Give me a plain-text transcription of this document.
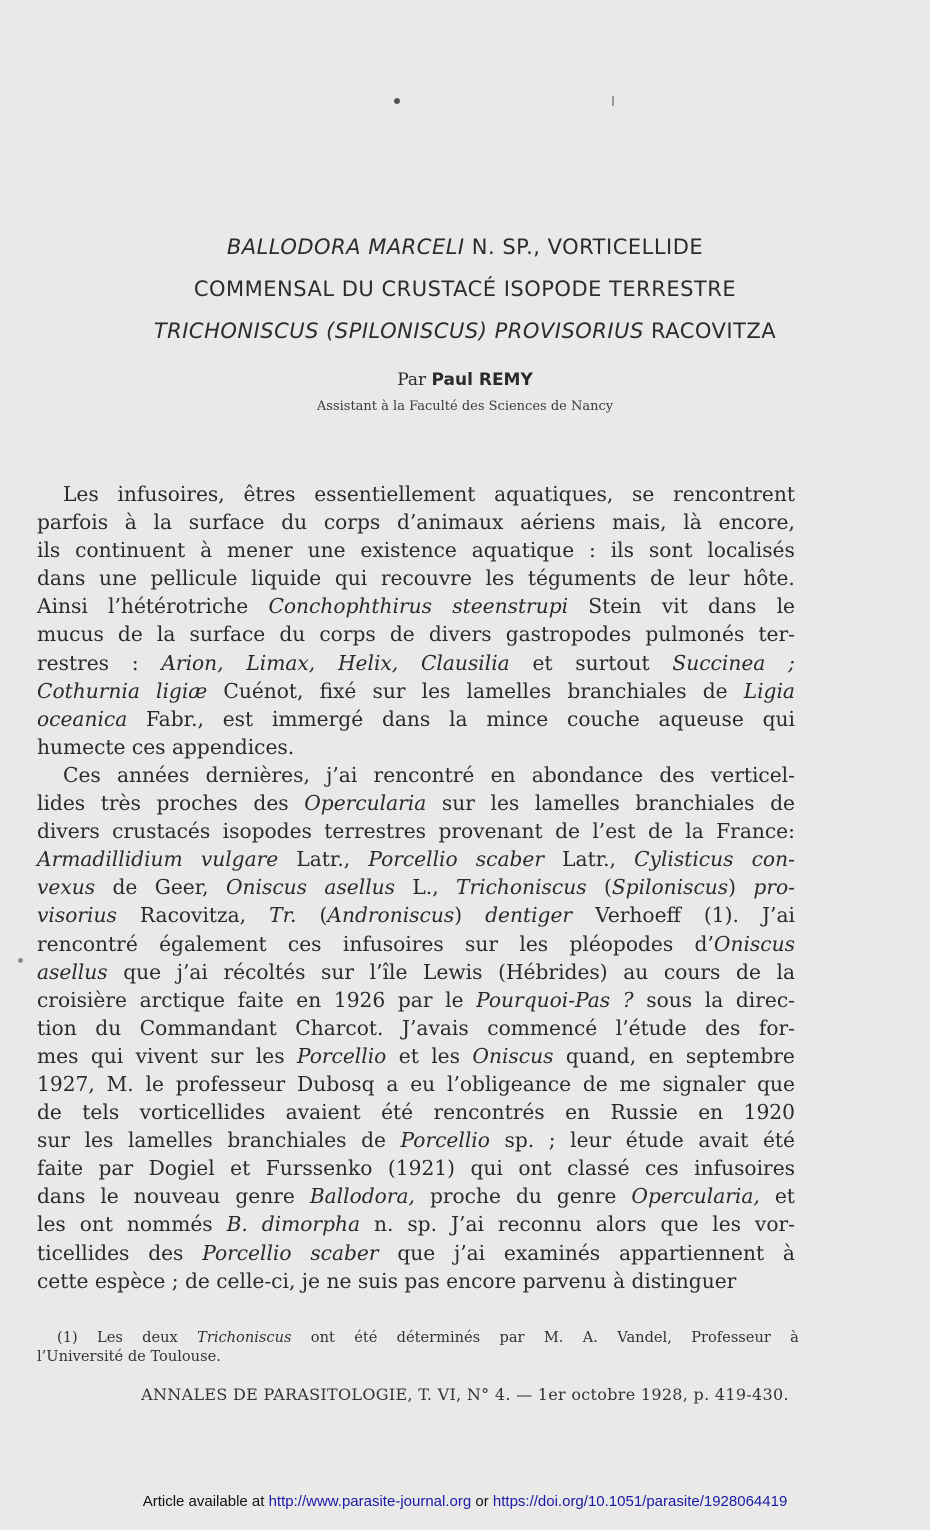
BALLODORA MARCELI N. SP., VORTICELLIDE
COMMENSAL DU CRUSTACÉ ISOPODE TERRESTRE
TRICHONISCUS (SPILONISCUS) PROVISORIUS RACOVITZA
Par Paul REMY
Assistant à la Faculté des Sciences de Nancy
Les infusoires, êtres essentiellement aquatiques, se rencontrent
parfois à la surface du corps d’animaux aériens mais, là encore,
ils continuent à mener une existence aquatique : ils sont localisés
dans une pellicule liquide qui recouvre les téguments de leur hôte.
Ainsi l’hétérotriche Conchophthirus steenstrupi Stein vit dans le
mucus de la surface du corps de divers gastropodes pulmonés ter-
restres : Arion, Limax, Helix, Clausilia et surtout Succinea ;
Cothurnia ligiæ Cuénot, fixé sur les lamelles branchiales de Ligia
oceanica Fabr., est immergé dans la mince couche aqueuse qui
humecte ces appendices.
Ces années dernières, j’ai rencontré en abondance des verticel-
lides très proches des Opercularia sur les lamelles branchiales de
divers crustacés isopodes terrestres provenant de l’est de la France:
Armadillidium vulgare Latr., Porcellio scaber Latr., Cylisticus con-
vexus de Geer, Oniscus asellus L., Trichoniscus (Spiloniscus) pro-
visorius Racovitza, Tr. (Androniscus) dentiger Verhoeff (1). J’ai
rencontré également ces infusoires sur les pléopodes d’Oniscus
asellus que j’ai récoltés sur l’île Lewis (Hébrides) au cours de la
croisière arctique faite en 1926 par le Pourquoi-Pas ? sous la direc-
tion du Commandant Charcot. J’avais commencé l’étude des for-
mes qui vivent sur les Porcellio et les Oniscus quand, en septembre
1927, M. le professeur Dubosq a eu l’obligeance de me signaler que
de tels vorticellides avaient été rencontrés en Russie en 1920
sur les lamelles branchiales de Porcellio sp. ; leur étude avait été
faite par Dogiel et Furssenko (1921) qui ont classé ces infusoires
dans le nouveau genre Ballodora, proche du genre Opercularia, et
les ont nommés B. dimorpha n. sp. J’ai reconnu alors que les vor-
ticellides des Porcellio scaber que j’ai examinés appartiennent à
cette espèce ; de celle-ci, je ne suis pas encore parvenu à distinguer
(1) Les deux Trichoniscus ont été déterminés par M. A. Vandel, Professeur à
l’Université de Toulouse.
ANNALES DE PARASITOLOGIE, T. VI, N° 4. — 1er octobre 1928, p. 419-430.
Article available at http://www.parasite-journal.org or https://doi.org/10.1051/parasite/1928064419
